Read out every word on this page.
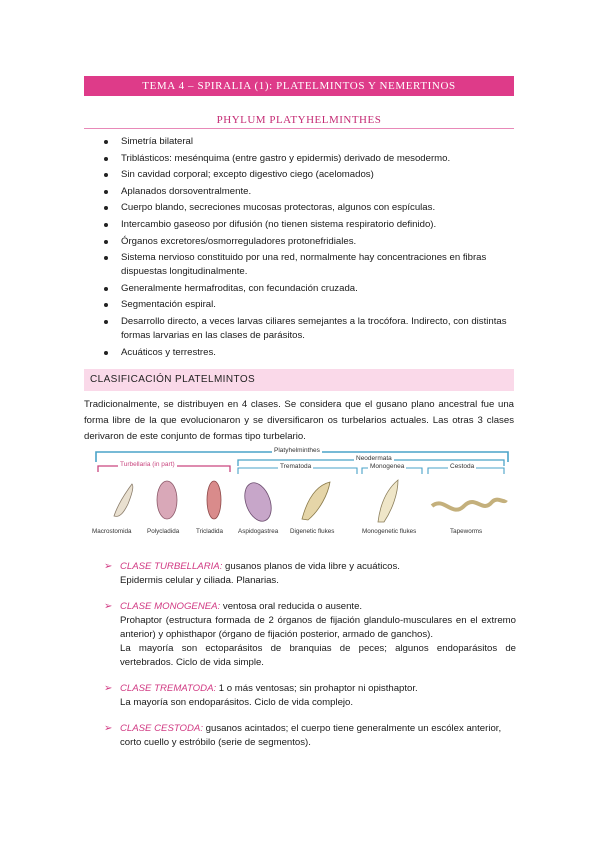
TEMA 4 – SPIRALIA (1): PLATELMINTOS Y NEMERTINOS
PHYLUM PLATYHELMINTHES
Simetría bilateral
Triblásticos: mesénquima (entre gastro y epidermis) derivado de mesodermo.
Sin cavidad corporal; excepto digestivo ciego (acelomados)
Aplanados dorsoventralmente.
Cuerpo blando, secreciones mucosas protectoras, algunos con espículas.
Intercambio gaseoso por difusión (no tienen sistema respiratorio definido).
Órganos excretores/osmorreguladores protonefridiales.
Sistema nervioso constituido por una red, normalmente hay concentraciones en fibras dispuestas longitudinalmente.
Generalmente hermafroditas, con fecundación cruzada.
Segmentación espiral.
Desarrollo directo, a veces larvas ciliares semejantes a la trocófora. Indirecto, con distintas formas larvarias en las clases de parásitos.
Acuáticos y terrestres.
CLASIFICACIÓN PLATELMINTOS
Tradicionalmente, se distribuyen en 4 clases. Se considera que el gusano plano ancestral fue una forma libre de la que evolucionaron y se diversificaron os turbelarios actuales. Las otras 3 clases derivaron de este conjunto de formas tipo turbelario.
Platyhelminthes
Turbellaria (in part)
Neodermata
Trematoda	Monogenea	Cestoda
Macrostomida Polycladida	Tricladida Aspidogastrea Digenetic flukes	Monogenetic flukes	Tapeworms
➢ CLASE TURBELLARIA: gusanos planos de vida libre y acuáticos.
Epidermis celular y ciliada. Planarias.
➢ CLASE MONOGENEA: ventosa oral reducida o ausente.
Prohaptor (estructura formada de 2 órganos de fijación glandulo-musculares en el extremo anterior) y ophisthapor (órgano de fijación posterior, armado de ganchos).
La mayoría son ectoparásitos de branquias de peces; algunos endoparásitos de vertebrados. Ciclo de vida simple.
➢ CLASE TREMATODA: 1 o más ventosas; sin prohaptor ni opisthaptor.
La mayoría son endoparásitos. Ciclo de vida complejo.
➢ CLASE CESTODA: gusanos acintados; el cuerpo tiene generalmente un escólex anterior, corto cuello y estróbilo (serie de segmentos).
